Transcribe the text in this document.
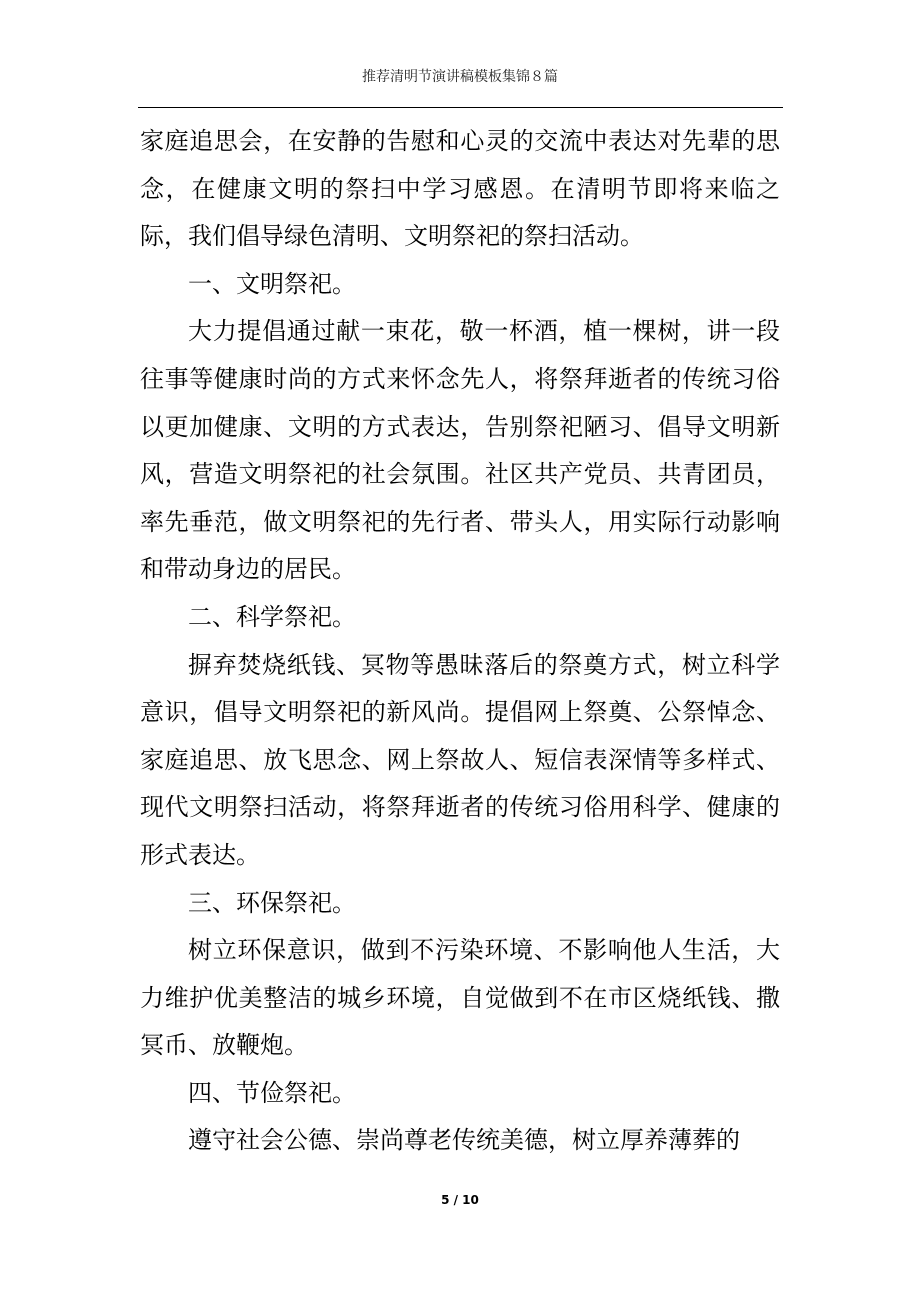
推荐清明节演讲稿模板集锦８篇

家庭追思会，在安静的告慰和心灵的交流中表达对先辈的思念，在健康文明的祭扫中学习感恩。在清明节即将来临之际，我们倡导绿色清明、文明祭祀的祭扫活动。

一、文明祭祀。

大力提倡通过献一束花，敬一杯酒，植一棵树，讲一段往事等健康时尚的方式来怀念先人，将祭拜逝者的传统习俗以更加健康、文明的方式表达，告别祭祀陋习、倡导文明新风，营造文明祭祀的社会氛围。社区共产党员、共青团员，率先垂范，做文明祭祀的先行者、带头人，用实际行动影响和带动身边的居民。

二、科学祭祀。

摒弃焚烧纸钱、冥物等愚昧落后的祭奠方式，树立科学意识，倡导文明祭祀的新风尚。提倡网上祭奠、公祭悼念、家庭追思、放飞思念、网上祭故人、短信表深情等多样式、现代文明祭扫活动，将祭拜逝者的传统习俗用科学、健康的形式表达。

三、环保祭祀。

树立环保意识，做到不污染环境、不影响他人生活，大力维护优美整洁的城乡环境，自觉做到不在市区烧纸钱、撒冥币、放鞭炮。

四、节俭祭祀。

遵守社会公德、崇尚尊老传统美德，树立厚养薄葬的

5 / 10
